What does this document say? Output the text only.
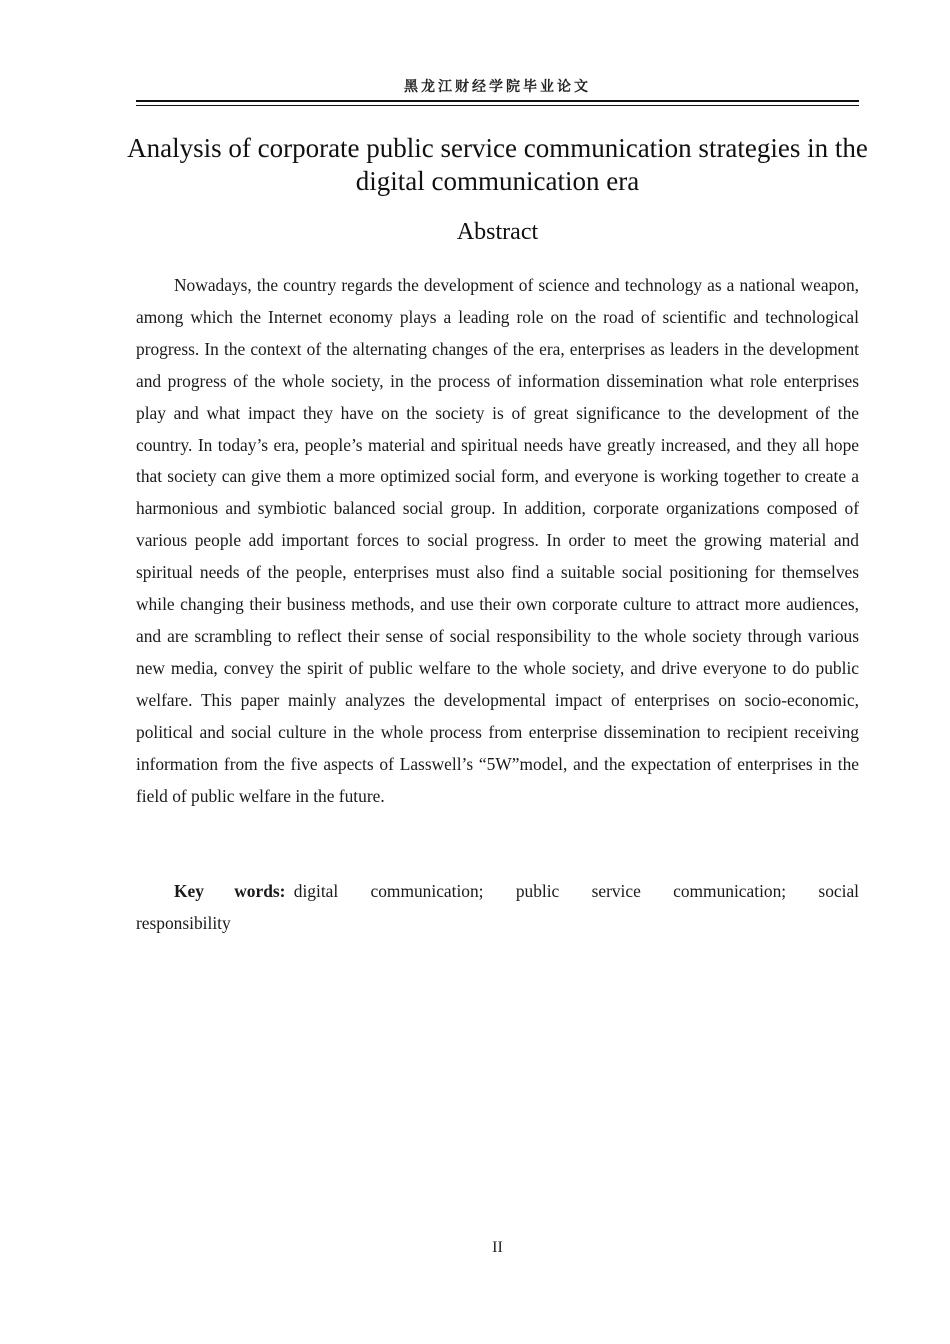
黑龙江财经学院毕业论文
Analysis of corporate public service communication strategies in the digital communication era
Abstract

Nowadays, the country regards the development of science and technology as a national weapon, among which the Internet economy plays a leading role on the road of scientific and technological progress. In the context of the alternating changes of the era, enterprises as leaders in the development and progress of the whole society, in the process of information dissemination what role enterprises play and what impact they have on the society is of great significance to the development of the country. In today’s era, people’s material and spiritual needs have greatly increased, and they all hope that society can give them a more optimized social form, and everyone is working together to create a harmonious and symbiotic balanced social group. In addition, corporate organizations composed of various people add important forces to social progress. In order to meet the growing material and spiritual needs of the people, enterprises must also find a suitable social positioning for themselves while changing their business methods, and use their own corporate culture to attract more audiences, and are scrambling to reflect their sense of social responsibility to the whole society through various new media, convey the spirit of public welfare to the whole society, and drive everyone to do public welfare. This paper mainly analyzes the developmental impact of enterprises on socio-economic, political and social culture in the whole process from enterprise dissemination to recipient receiving information from the five aspects of Lasswell’s “5W”model, and the expectation of enterprises in the field of public welfare in the future.

Key words: digital communication; public service communication; social responsibility

II
